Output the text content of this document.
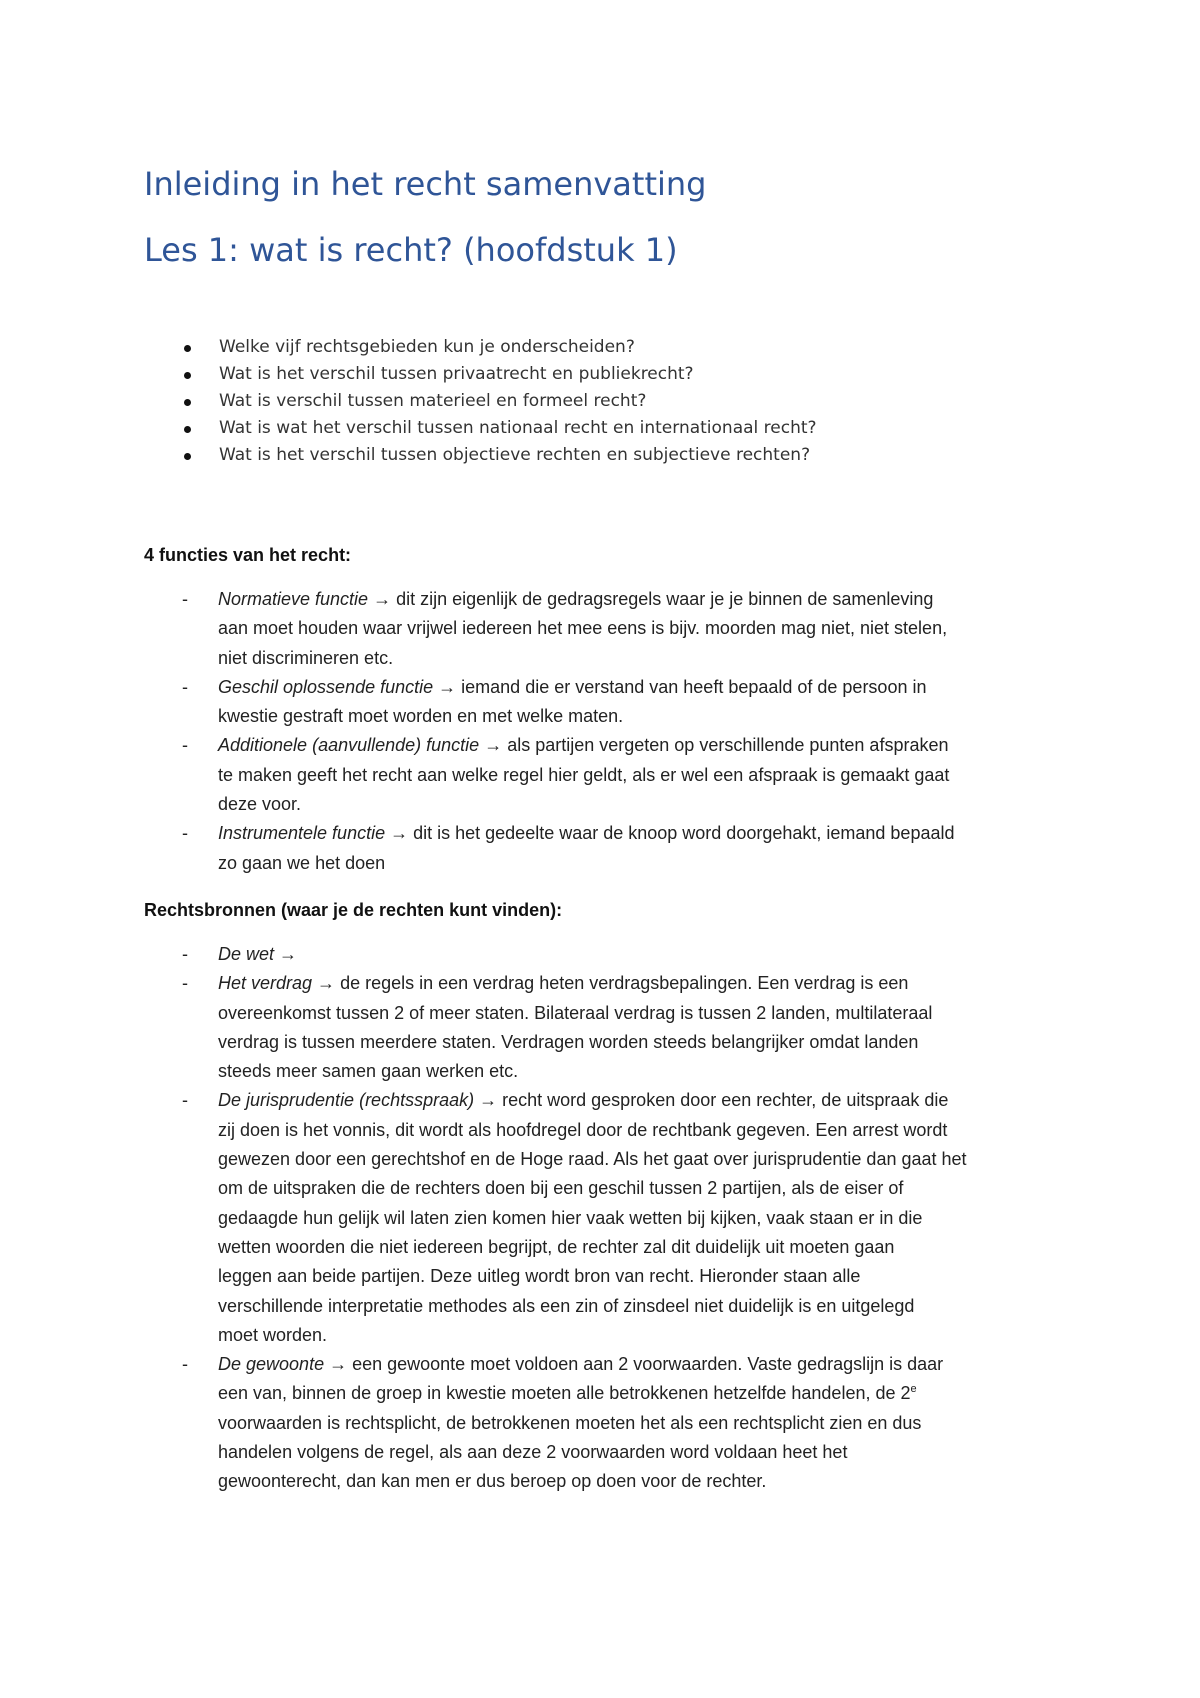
Inleiding in het recht samenvatting
Les 1: wat is recht? (hoofdstuk 1)
Welke vijf rechtsgebieden kun je onderscheiden?
Wat is het verschil tussen privaatrecht en publiekrecht?
Wat is verschil tussen materieel en formeel recht?
Wat is wat het verschil tussen nationaal recht en internationaal recht?
Wat is het verschil tussen objectieve rechten en subjectieve rechten?
4 functies van het recht:
- Normatieve functie → dit zijn eigenlijk de gedragsregels waar je je binnen de samenleving
aan moet houden waar vrijwel iedereen het mee eens is bijv. moorden mag niet, niet stelen,
niet discrimineren etc.
- Geschil oplossende functie → iemand die er verstand van heeft bepaald of de persoon in
kwestie gestraft moet worden en met welke maten.
- Additionele (aanvullende) functie → als partijen vergeten op verschillende punten afspraken
te maken geeft het recht aan welke regel hier geldt, als er wel een afspraak is gemaakt gaat
deze voor.
- Instrumentele functie → dit is het gedeelte waar de knoop word doorgehakt, iemand bepaald
zo gaan we het doen
Rechtsbronnen (waar je de rechten kunt vinden):
- De wet →
- Het verdrag → de regels in een verdrag heten verdragsbepalingen. Een verdrag is een
overeenkomst tussen 2 of meer staten. Bilateraal verdrag is tussen 2 landen, multilateraal
verdrag is tussen meerdere staten. Verdragen worden steeds belangrijker omdat landen
steeds meer samen gaan werken etc.
- De jurisprudentie (rechtsspraak) → recht word gesproken door een rechter, de uitspraak die
zij doen is het vonnis, dit wordt als hoofdregel door de rechtbank gegeven. Een arrest wordt
gewezen door een gerechtshof en de Hoge raad. Als het gaat over jurisprudentie dan gaat het
om de uitspraken die de rechters doen bij een geschil tussen 2 partijen, als de eiser of
gedaagde hun gelijk wil laten zien komen hier vaak wetten bij kijken, vaak staan er in die
wetten woorden die niet iedereen begrijpt, de rechter zal dit duidelijk uit moeten gaan
leggen aan beide partijen. Deze uitleg wordt bron van recht. Hieronder staan alle
verschillende interpretatie methodes als een zin of zinsdeel niet duidelijk is en uitgelegd
moet worden.
- De gewoonte → een gewoonte moet voldoen aan 2 voorwaarden. Vaste gedragslijn is daar
een van, binnen de groep in kwestie moeten alle betrokkenen hetzelfde handelen, de 2e
voorwaarden is rechtsplicht, de betrokkenen moeten het als een rechtsplicht zien en dus
handelen volgens de regel, als aan deze 2 voorwaarden word voldaan heet het
gewoonterecht, dan kan men er dus beroep op doen voor de rechter.
